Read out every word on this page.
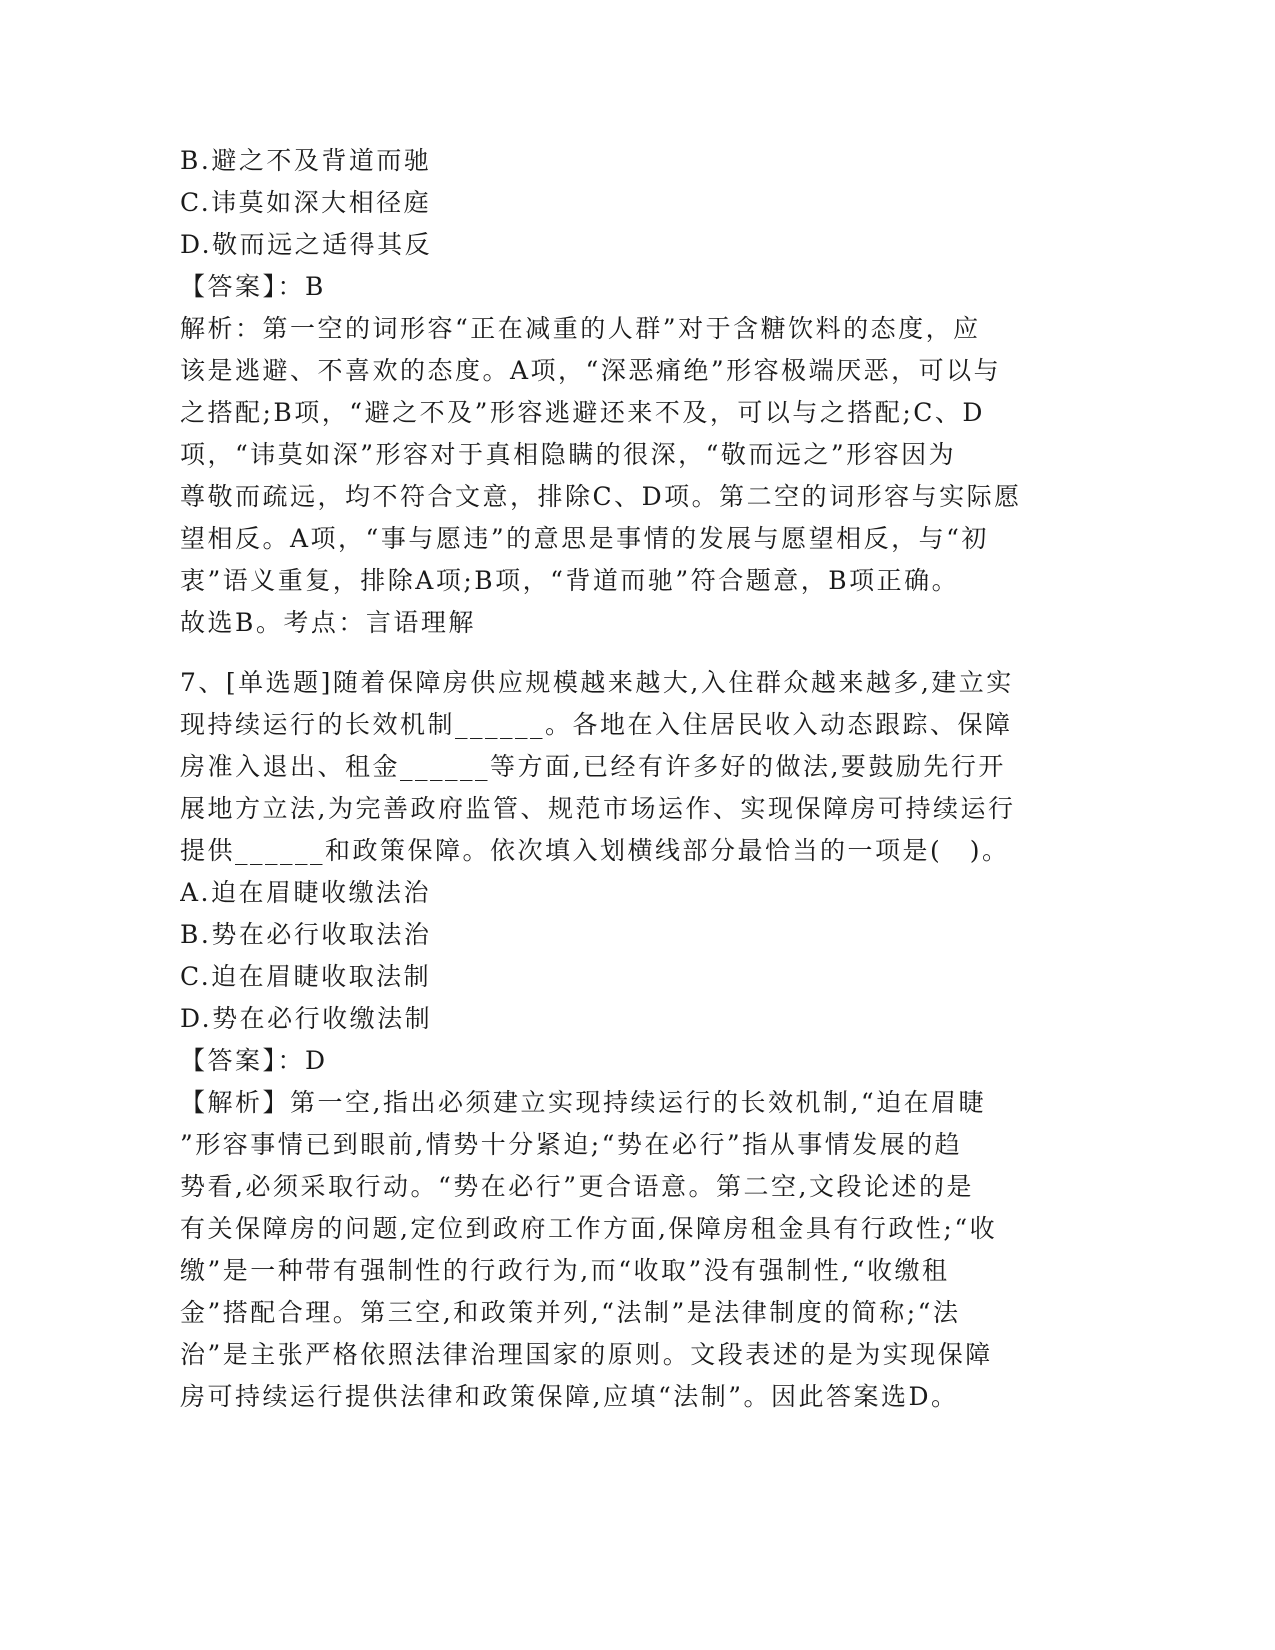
B.避之不及背道而驰
C.讳莫如深大相径庭
D.敬而远之适得其反
【答案】：B
解析：第一空的词形容“正在减重的人群”对于含糖饮料的态度，应
该是逃避、不喜欢的态度。A项，“深恶痛绝”形容极端厌恶，可以与
之搭配;B项，“避之不及”形容逃避还来不及，可以与之搭配;C、D
项，“讳莫如深”形容对于真相隐瞒的很深，“敬而远之”形容因为
尊敬而疏远，均不符合文意，排除C、D项。第二空的词形容与实际愿
望相反。A项，“事与愿违”的意思是事情的发展与愿望相反，与“初
衷”语义重复，排除A项;B项，“背道而驰”符合题意，B项正确。
故选B。考点：言语理解
7、[单选题]随着保障房供应规模越来越大,入住群众越来越多,建立实
现持续运行的长效机制______。各地在入住居民收入动态跟踪、保障
房准入退出、租金______等方面,已经有许多好的做法,要鼓励先行开
展地方立法,为完善政府监管、规范市场运作、实现保障房可持续运行
提供______和政策保障。依次填入划横线部分最恰当的一项是(　)。
A.迫在眉睫收缴法治
B.势在必行收取法治
C.迫在眉睫收取法制
D.势在必行收缴法制
【答案】：D
【解析】第一空,指出必须建立实现持续运行的长效机制,“迫在眉睫
”形容事情已到眼前,情势十分紧迫;“势在必行”指从事情发展的趋
势看,必须采取行动。“势在必行”更合语意。第二空,文段论述的是
有关保障房的问题,定位到政府工作方面,保障房租金具有行政性;“收
缴”是一种带有强制性的行政行为,而“收取”没有强制性,“收缴租
金”搭配合理。第三空,和政策并列,“法制”是法律制度的简称;“法
治”是主张严格依照法律治理国家的原则。文段表述的是为实现保障
房可持续运行提供法律和政策保障,应填“法制”。因此答案选D。
